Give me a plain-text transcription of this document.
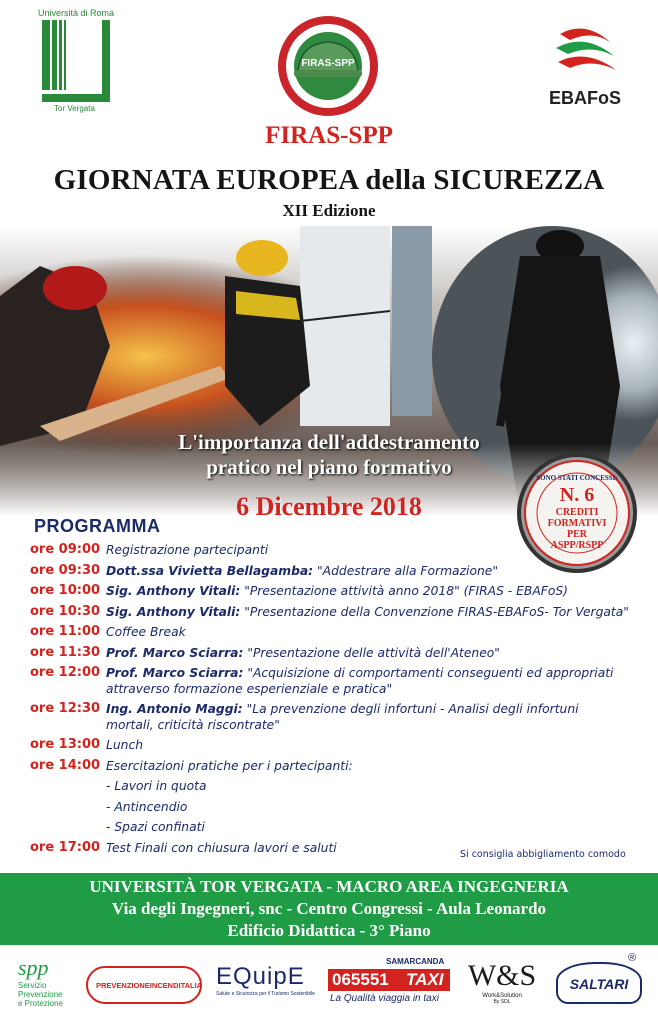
Università di Roma
Tor Vergata
FIRAS-SPP
EBAFoS
FIRAS-SPP
GIORNATA EUROPEA della SICUREZZA
XII Edizione
L'importanza dell'addestramento
pratico nel piano formativo
6 Dicembre 2018
SONO STATI CONCESSI:
N. 6
CREDITI
FORMATIVI
PER
ASPP/RSPP
PROGRAMMA
ore 09:00 Registrazione partecipanti
ore 09:30 Dott.ssa Vivietta Bellagamba: "Addestrare alla Formazione"
ore 10:00 Sig. Anthony Vitali: "Presentazione attività anno 2018" (FIRAS - EBAFoS)
ore 10:30 Sig. Anthony Vitali: "Presentazione della Convenzione FIRAS-EBAFoS- Tor Vergata"
ore 11:00 Coffee Break
ore 11:30 Prof. Marco Sciarra: "Presentazione delle attività dell'Ateneo"
ore 12:00 Prof. Marco Sciarra: "Acquisizione di comportamenti conseguenti ed appropriati
attraverso formazione esperienziale e pratica"
ore 12:30 Ing. Antonio Maggi: "La prevenzione degli infortuni - Analisi degli infortuni
mortali, criticità riscontrate"
ore 13:00 Lunch
ore 14:00 Esercitazioni pratiche per i partecipanti:
- Lavori in quota
- Antincendio
- Spazi confinati
ore 17:00 Test Finali con chiusura lavori e saluti	Si consiglia abbigliamento comodo
UNIVERSITÀ TOR VERGATA - MACRO AREA INGEGNERIA
Via degli Ingegneri, snc - Centro Congressi - Aula Leonardo
Edificio Didattica - 3° Piano
spp
Servizio
Prevenzione
e Protezione
PREVENZIONEINCENDITALIA EQuipE
Salute e Sicurezza per il Turismo Sostenibile
SAMARCANDA
065551 TAXI
La Qualità viaggia in taxi
W&S
Work&Solution
By SDL
SALTARI
®
